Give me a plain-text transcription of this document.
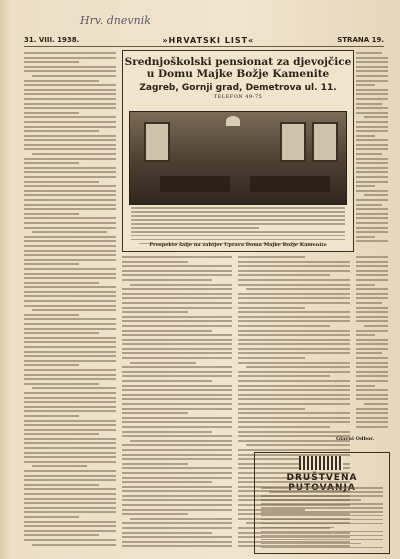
Hrv. dnevnik
31. VIII. 1938.	»HRVATSKI LIST«	STRANA 19.
Srednjoškolski pensionat za djevojčice
u Domu Majke Božje Kamenite
Zagreb, Gornji grad, Demetrova ul. 11.
TELEFON 49-75
Prospekte šalje na zahtjev Uprava Doma Majke Božje Kamenite
Glavni Odbor.
DRUŠTVENA
